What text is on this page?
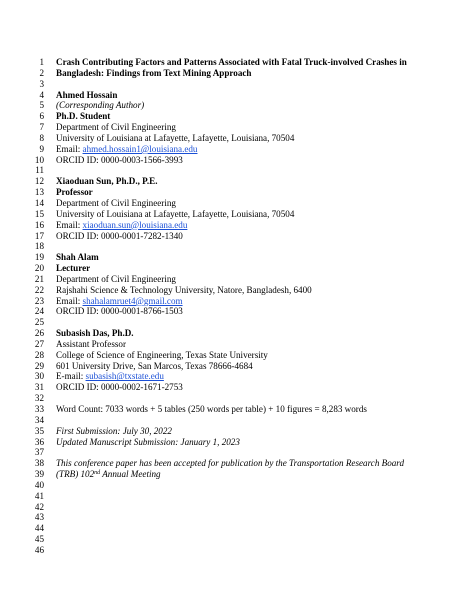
1 Crash Contributing Factors and Patterns Associated with Fatal Truck-involved Crashes in
2 Bangladesh: Findings from Text Mining Approach
3
4 Ahmed Hossain
5 (Corresponding Author)
6 Ph.D. Student
7 Department of Civil Engineering
8 University of Louisiana at Lafayette, Lafayette, Louisiana, 70504
9 Email: ahmed.hossain1@louisiana.edu
10 ORCID ID: 0000-0003-1566-3993
11
12 Xiaoduan Sun, Ph.D., P.E.
13 Professor
14 Department of Civil Engineering
15 University of Louisiana at Lafayette, Lafayette, Louisiana, 70504
16 Email: xiaoduan.sun@louisiana.edu
17 ORCID ID: 0000-0001-7282-1340
18
19 Shah Alam
20 Lecturer
21 Department of Civil Engineering
22 Rajshahi Science & Technology University, Natore, Bangladesh, 6400
23 Email: shahalamruet4@gmail.com
24 ORCID ID: 0000-0001-8766-1503
25
26 Subasish Das, Ph.D.
27 Assistant Professor
28 College of Science of Engineering, Texas State University
29 601 University Drive, San Marcos, Texas 78666-4684
30 E-mail: subasish@txstate.edu
31 ORCID ID: 0000-0002-1671-2753
32
33 Word Count: 7033 words + 5 tables (250 words per table) + 10 figures = 8,283 words
34
35 First Submission: July 30, 2022
36 Updated Manuscript Submission: January 1, 2023
37
38 This conference paper has been accepted for publication by the Transportation Research Board
39 (TRB) 102nd Annual Meeting
40
41
42
43
44
45
46
